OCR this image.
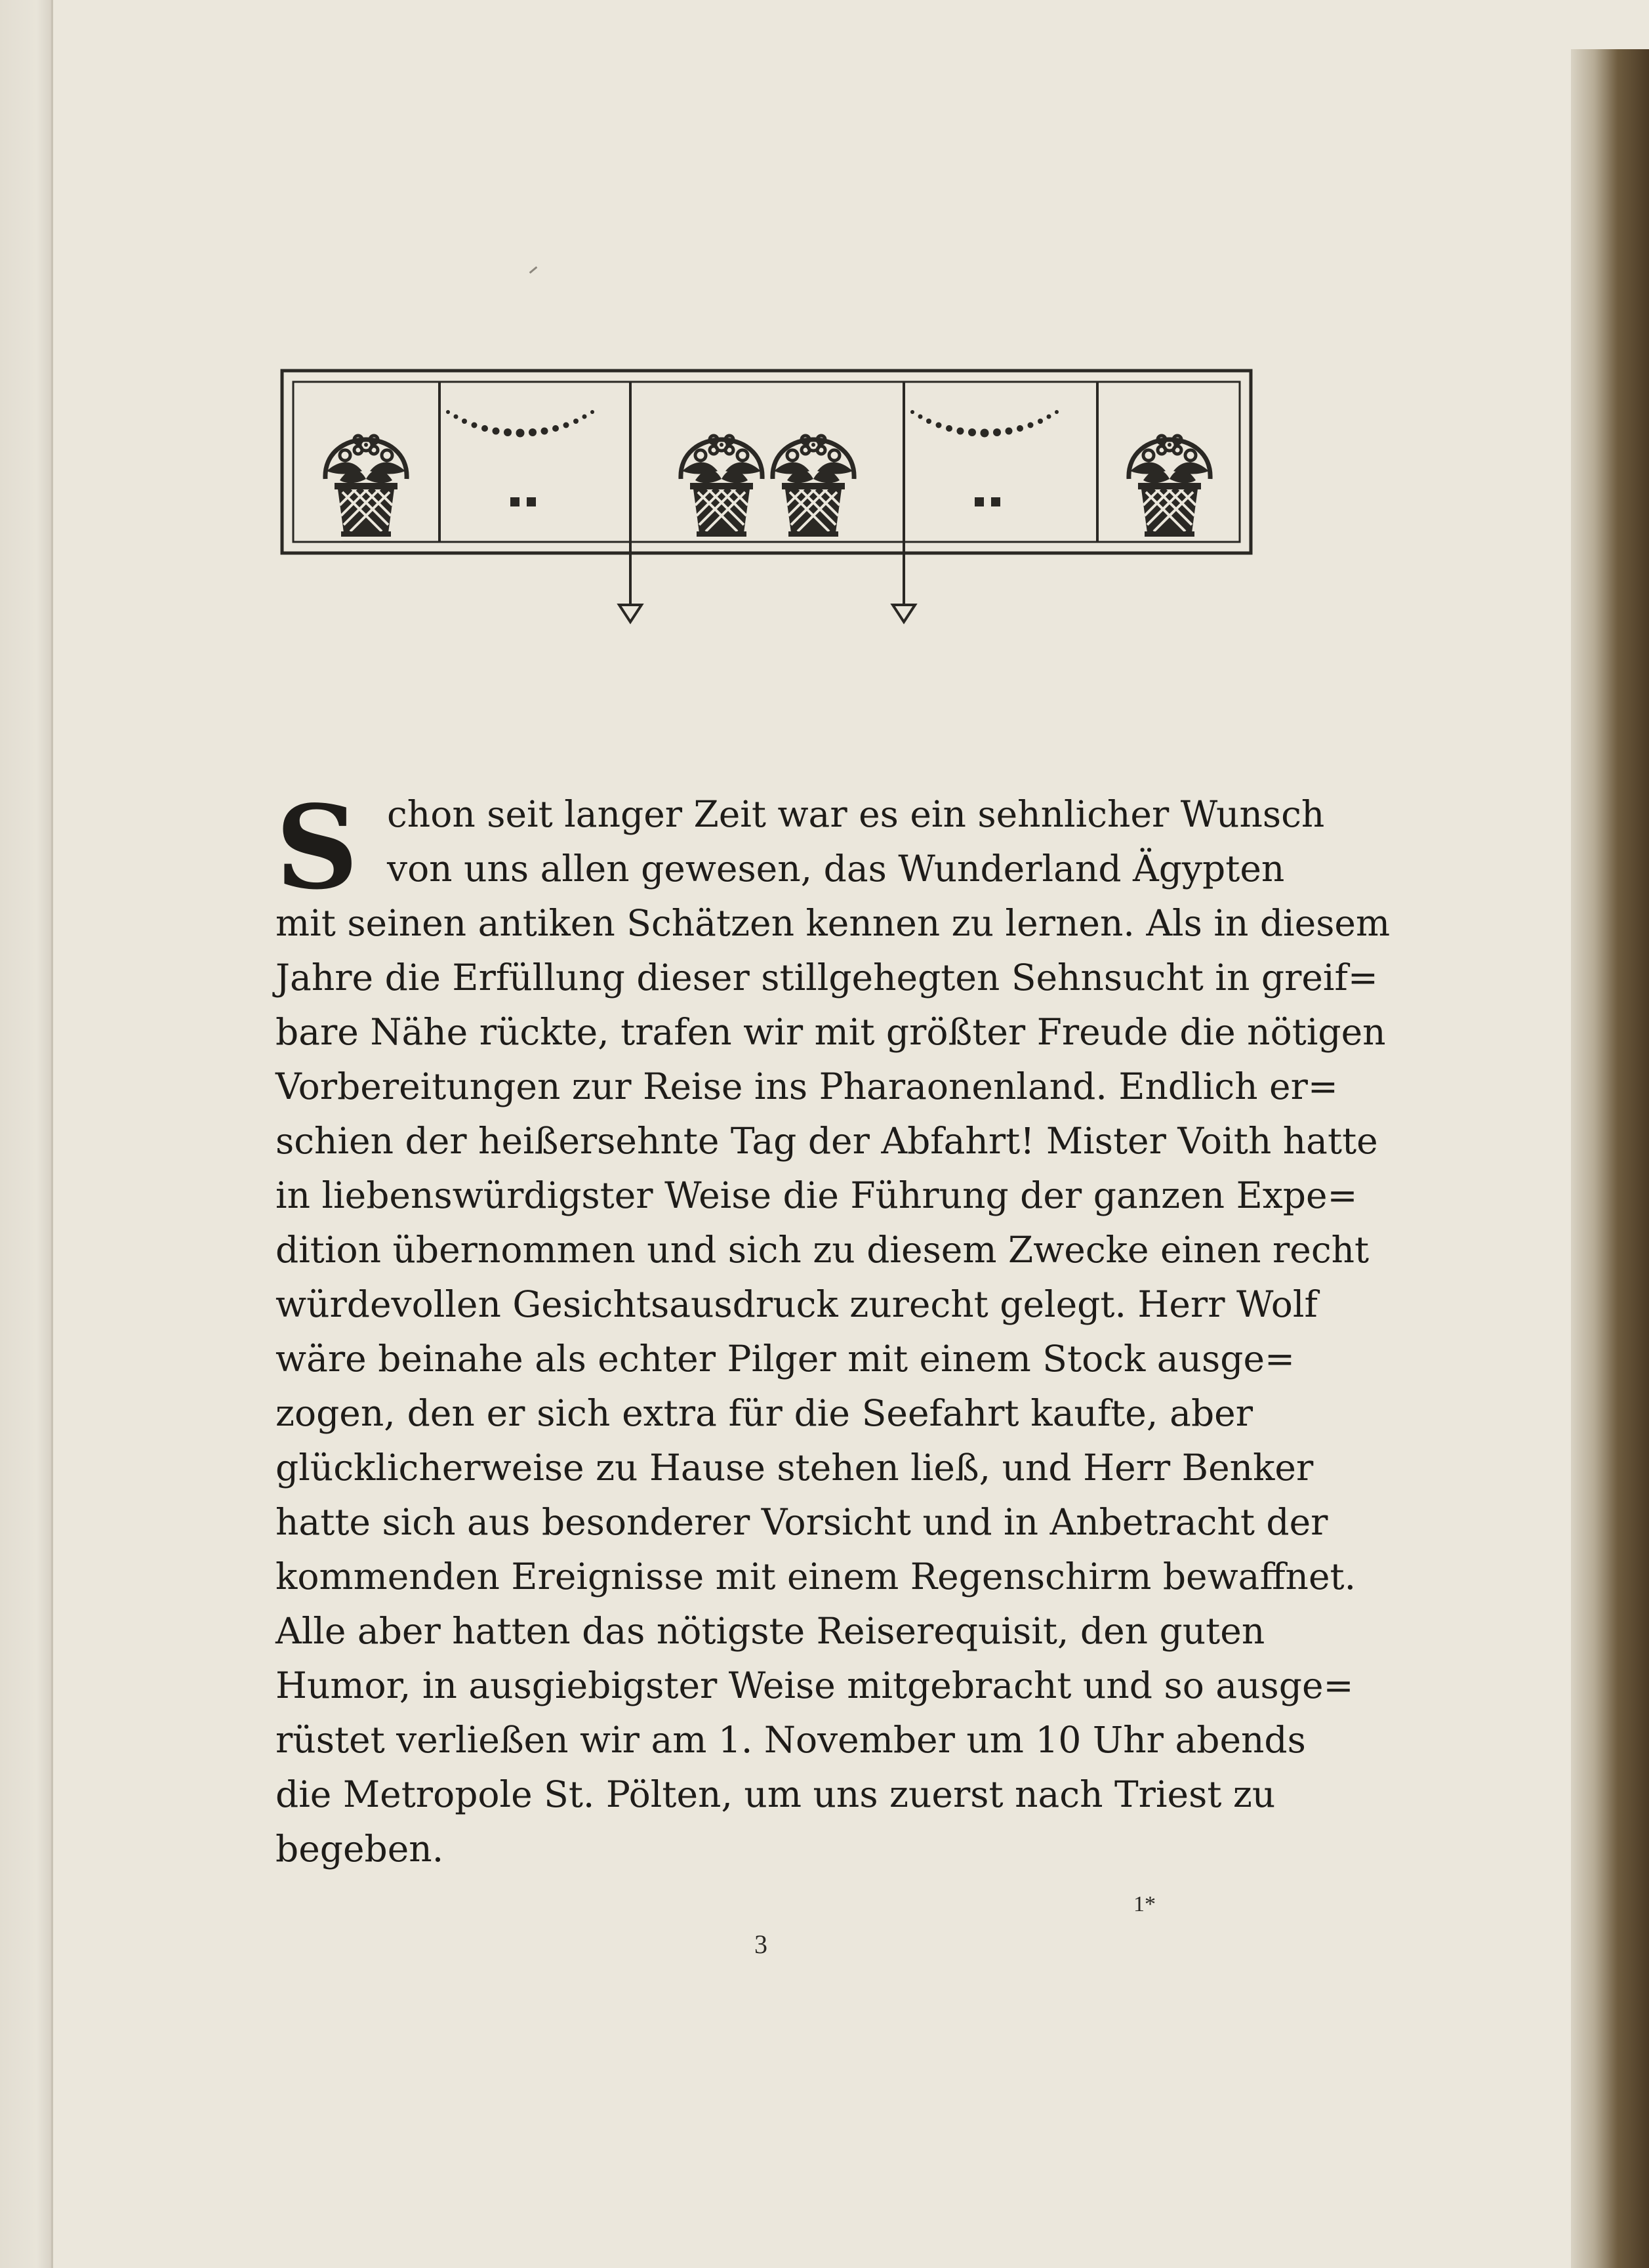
S chon seit langer Zeit war es ein sehnlicher Wunsch
von uns allen gewesen, das Wunderland Ägypten
mit seinen antiken Schätzen kennen zu lernen. Als in diesem
Jahre die Erfüllung dieser stillgehegten Sehnsucht in greif=
bare Nähe rückte, trafen wir mit größter Freude die nötigen
Vorbereitungen zur Reise ins Pharaonenland. Endlich er=
schien der heißersehnte Tag der Abfahrt! Mister Voith hatte
in liebenswürdigster Weise die Führung der ganzen Expe=
dition übernommen und sich zu diesem Zwecke einen recht
würdevollen Gesichtsausdruck zurecht gelegt. Herr Wolf
wäre beinahe als echter Pilger mit einem Stock ausge=
zogen, den er sich extra für die Seefahrt kaufte, aber
glücklicherweise zu Hause stehen ließ, und Herr Benker
hatte sich aus besonderer Vorsicht und in Anbetracht der
kommenden Ereignisse mit einem Regenschirm bewaffnet.
Alle aber hatten das nötigste Reiserequisit, den guten
Humor, in ausgiebigster Weise mitgebracht und so ausge=
rüstet verließen wir am 1. November um 10 Uhr abends
die Metropole St. Pölten, um uns zuerst nach Triest zu
begeben.
1*
3
